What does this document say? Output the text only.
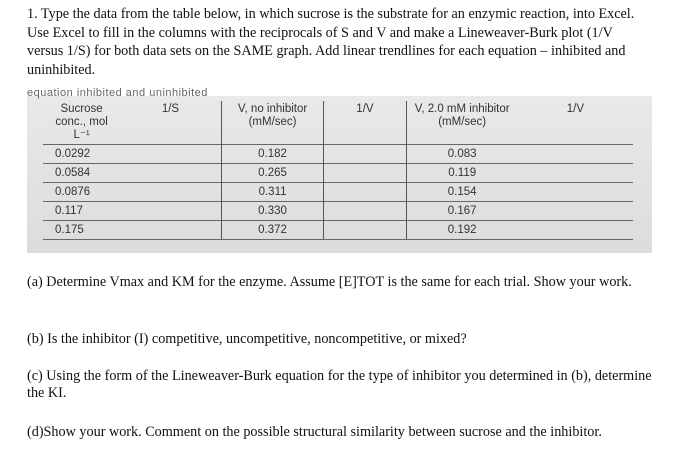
1. Type the data from the table below, in which sucrose is the substrate for an enzymic reaction, into Excel. Use Excel to fill in the columns with the reciprocals of S and V and make a Lineweaver-Burk plot (1/V versus 1/S) for both data sets on the SAME graph. Add linear trendlines for each equation – inhibited and uninhibited.

equation inhibited and uninhibited
Sucrose conc., mol L⁻¹	1/S	V, no inhibitor (mM/sec)	1/V	V, 2.0 mM inhibitor (mM/sec)	1/V
0.0292		0.182		0.083	
0.0584		0.265		0.119	
0.0876		0.311		0.154	
0.117		0.330		0.167	
0.175		0.372		0.192	

(a) Determine Vmax and KM for the enzyme. Assume [E]TOT is the same for each trial. Show your work.

(b) Is the inhibitor (I) competitive, uncompetitive, noncompetitive, or mixed?

(c) Using the form of the Lineweaver-Burk equation for the type of inhibitor you determined in (b), determine the KI.

(d)Show your work. Comment on the possible structural similarity between sucrose and the inhibitor.
